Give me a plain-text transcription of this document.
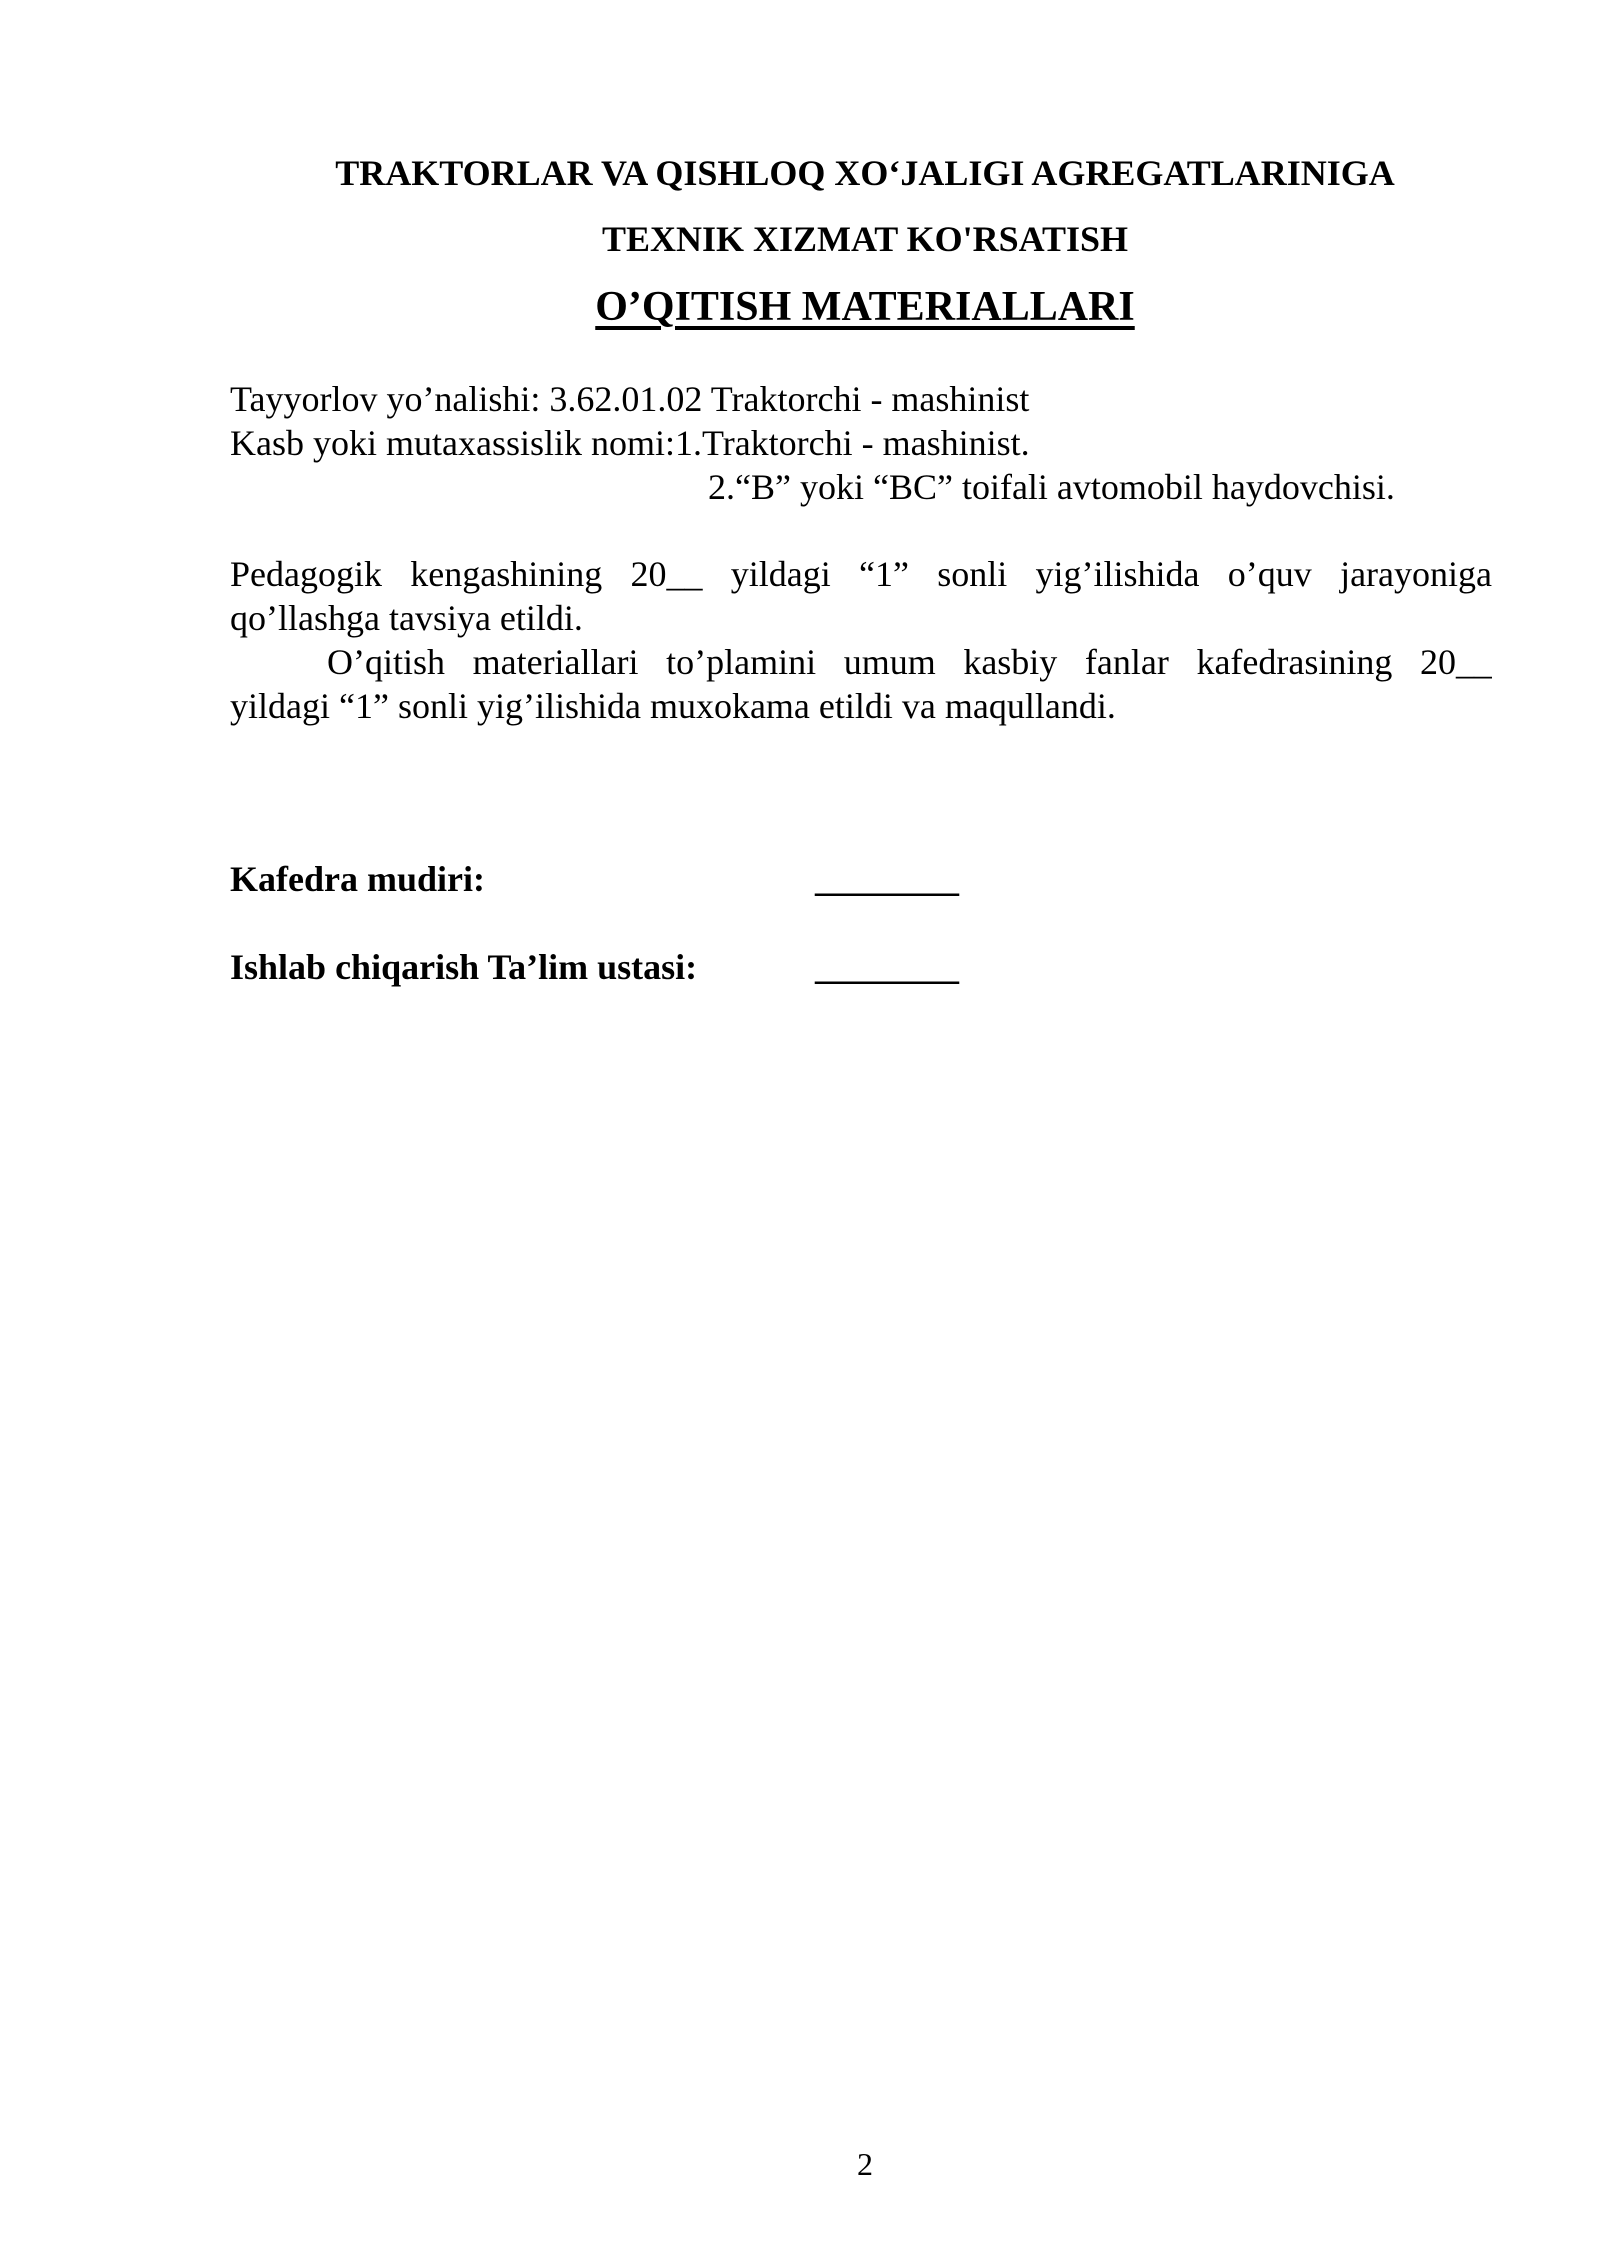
TRAKTORLAR VA QISHLOQ XO‘JALIGI AGREGATLARINIGA
TEXNIK XIZMAT KO'RSATISH
O’QITISH MATERIALLARI
Tayyorlov yo’nalishi: 3.62.01.02 Traktorchi - mashinist
Kasb yoki mutaxassislik nomi:1.Traktorchi - mashinist.
2.“B” yoki “BC” toifali avtomobil haydovchisi.
Pedagogik kengashining 20__ yildagi “1” sonli yig’ilishida o’quv jarayoniga
qo’llashga tavsiya etildi.
O’qitish materiallari to’plamini umum kasbiy fanlar kafedrasining 20__
yildagi “1” sonli yig’ilishida muxokama etildi va maqullandi.
Kafedra mudiri:	________
Ishlab chiqarish Ta’lim ustasi:	________
2
